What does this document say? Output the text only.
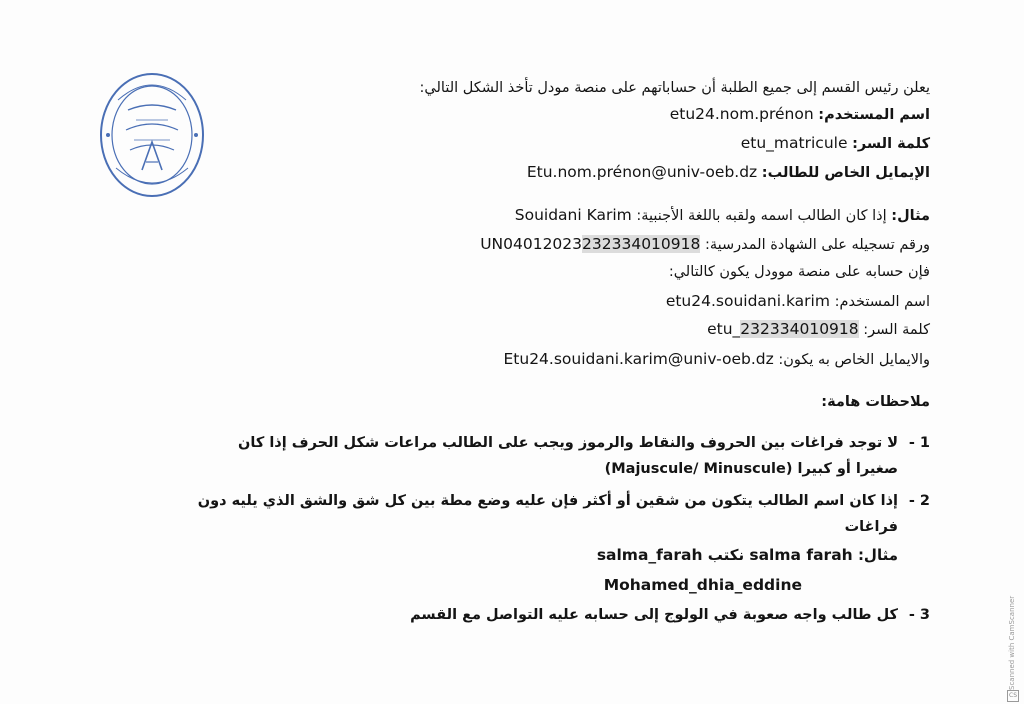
يعلن رئيس القسم إلى جميع الطلبة أن حساباتهم على منصة مودل تأخذ الشكل التالي:
اسم المستخدم: etu24.nom.prénon
كلمة السر: etu_matricule
الإيمايل الخاص للطالب: Etu.nom.prénon@univ-oeb.dz
مثال: إذا كان الطالب اسمه ولقبه باللغة الأجنبية: Souidani Karim
ورقم تسجيله على الشهادة المدرسية: UN04012023232334010918
فإن حسابه على منصة موودل يكون كالتالي:
اسم المستخدم: etu24.souidani.karim
كلمة السر: etu_232334010918
والايمايل الخاص به يكون: Etu24.souidani.karim@univ-oeb.dz
ملاحظات هامة:
1 -
لا توجد فراغات بين الحروف والنقاط والرموز ويجب على الطالب مراعات شكل الحرف إذا كان
صغيرا أو كبيرا (Majuscule/ Minuscule)
2 -
إذا كان اسم الطالب يتكون من شقين أو أكثر فإن عليه وضع مطة بين كل شق والشق الذي يليه دون
فراغات
مثال: salma farah نكتب salma_farah
Mohamed_dhia_eddine
3 -
كل طالب واجه صعوبة في الولوج إلى حسابه عليه التواصل مع القسم	Scanned with CamScanner
CS
